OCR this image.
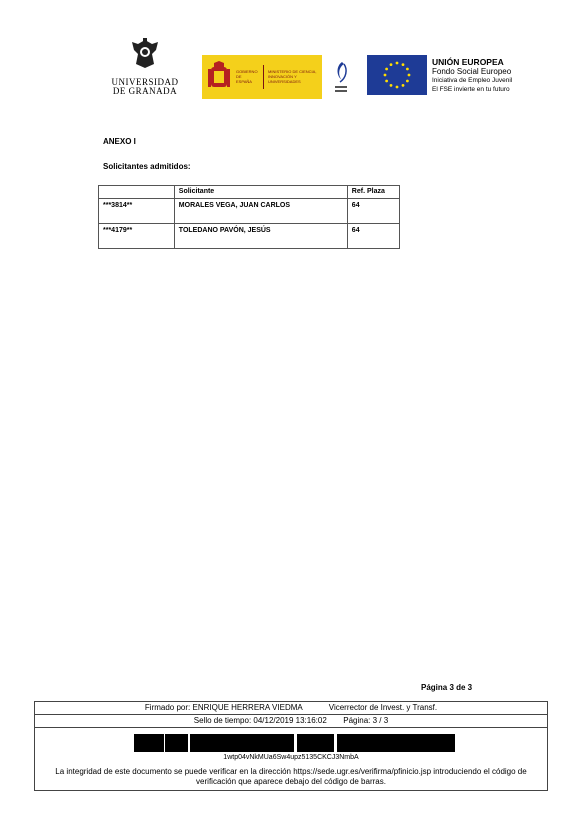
UNIVERSIDAD
DE GRANADA
GOBIERNO DE ESPAÑA
MINISTERIO DE CIENCIA, INNOVACIÓN Y UNIVERSIDADES
UNIÓN EUROPEA
Fondo Social Europeo
Iniciativa de Empleo Juvenil
El FSE invierte en tu futuro
ANEXO I
Solicitantes admitidos:
	Solicitante	Ref. Plaza
***3814**	MORALES VEGA, JUAN CARLOS	64
***4179**	TOLEDANO PAVÓN, JESÚS	64
Página 3 de 3
Firmado por: ENRIQUE HERRERA VIEDMA	Vicerrector de Invest. y Transf.
Sello de tiempo: 04/12/2019 13:16:02 Página: 3 / 3
1wtp04vNkMUa6Sw4upz5135CKCJ3NmbA
La integridad de este documento se puede verificar en la dirección https://sede.ugr.es/verifirma/pfinicio.jsp introduciendo el código de verificación que aparece debajo del código de barras.
